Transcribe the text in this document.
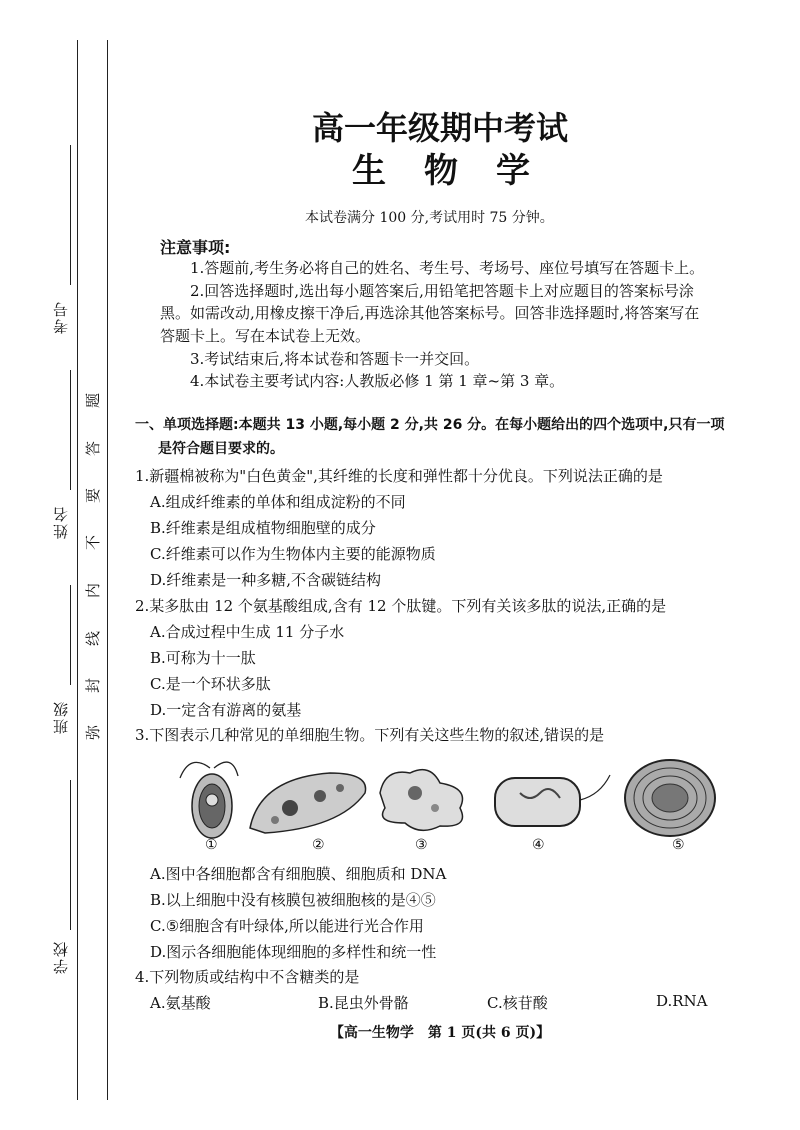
考号
姓名
班级
学校
弥
封
线
内
不
要
答
题
高一年级期中考试
生物学
本试卷满分 100 分,考试用时 75 分钟。
注意事项:
1.答题前,考生务必将自己的姓名、考生号、考场号、座位号填写在答题卡上。
2.回答选择题时,选出每小题答案后,用铅笔把答题卡上对应题目的答案标号涂
黑。如需改动,用橡皮擦干净后,再选涂其他答案标号。回答非选择题时,将答案写在
答题卡上。写在本试卷上无效。
3.考试结束后,将本试卷和答题卡一并交回。
4.本试卷主要考试内容:人教版必修 1 第 1 章~第 3 章。
一、单项选择题:本题共 13 小题,每小题 2 分,共 26 分。在每小题给出的四个选项中,只有一项
是符合题目要求的。
1.新疆棉被称为"白色黄金",其纤维的长度和弹性都十分优良。下列说法正确的是
A.组成纤维素的单体和组成淀粉的不同
B.纤维素是组成植物细胞壁的成分
C.纤维素可以作为生物体内主要的能源物质
D.纤维素是一种多糖,不含碳链结构
2.某多肽由 12 个氨基酸组成,含有 12 个肽键。下列有关该多肽的说法,正确的是
A.合成过程中生成 11 分子水
B.可称为十一肽
C.是一个环状多肽
D.一定含有游离的氨基
3.下图表示几种常见的单细胞生物。下列有关这些生物的叙述,错误的是
①	②	③	④	⑤
A.图中各细胞都含有细胞膜、细胞质和 DNA
B.以上细胞中没有核膜包被细胞核的是④⑤
C.⑤细胞含有叶绿体,所以能进行光合作用
D.图示各细胞能体现细胞的多样性和统一性
4.下列物质或结构中不含糖类的是
A.氨基酸	B.昆虫外骨骼	C.核苷酸	D.RNA
【高一生物学　第 1 页(共 6 页)】
